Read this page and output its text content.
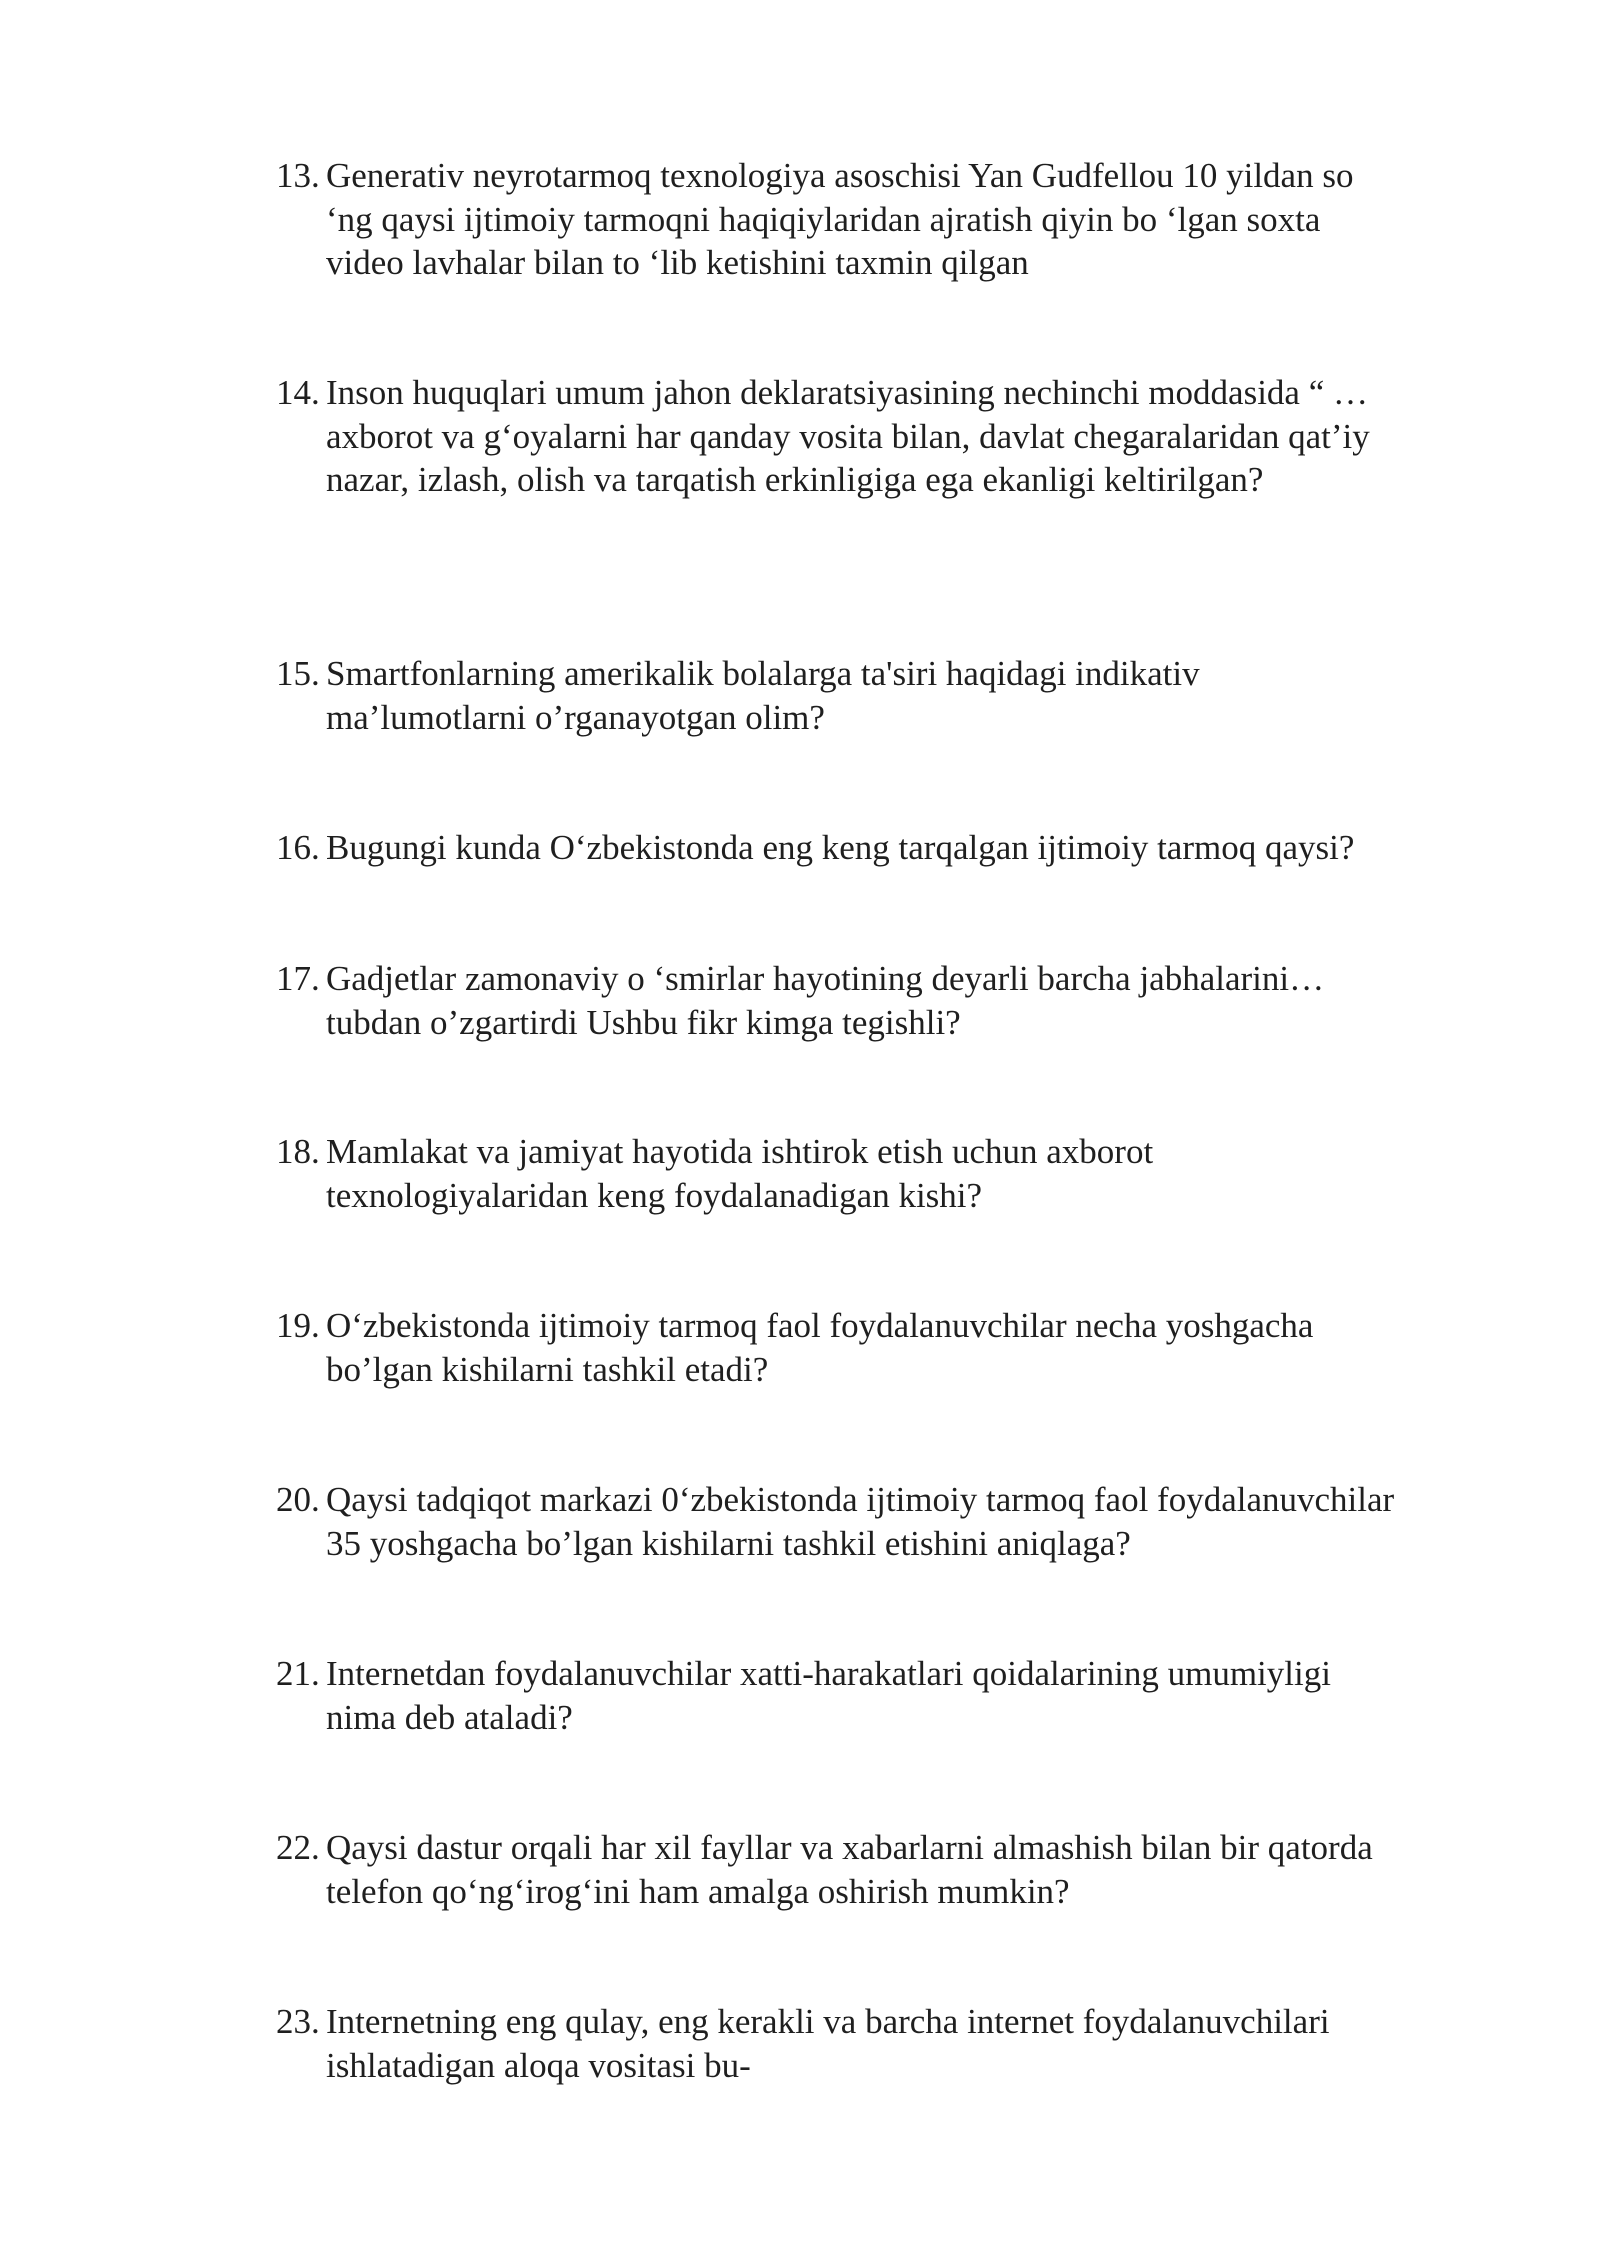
13. Generativ neyrotarmoq texnologiya asoschisi Yan Gudfellou 10 yildan so
‘ng qaysi ijtimoiy tarmoqni haqiqiylaridan ajratish qiyin bo ‘lgan soxta
video lavhalar bilan to ‘lib ketishini taxmin qilgan
14. Inson huquqlari umum jahon deklaratsiyasining nechinchi moddasida “ …
axborot va g‘oyalarni har qanday vosita bilan, davlat chegaralaridan qat’iy
nazar, izlash, olish va tarqatish erkinligiga ega ekanligi keltirilgan?
15. Smartfonlarning amerikalik bolalarga ta'siri haqidagi indikativ
ma’lumotlarni o’rganayotgan olim?
16. Bugungi kunda O‘zbekistonda eng keng tarqalgan ijtimoiy tarmoq qaysi?
17. Gadjetlar zamonaviy o ‘smirlar hayotining deyarli barcha jabhalarini…
tubdan o’zgartirdi Ushbu fikr kimga tegishli?
18. Mamlakat va jamiyat hayotida ishtirok etish uchun axborot
texnologiyalaridan keng foydalanadigan kishi?
19. O‘zbekistonda ijtimoiy tarmoq faol foydalanuvchilar necha yoshgacha
bo’lgan kishilarni tashkil etadi?
20. Qaysi tadqiqot markazi 0‘zbekistonda ijtimoiy tarmoq faol foydalanuvchilar
35 yoshgacha bo’lgan kishilarni tashkil etishini aniqlaga?
21. Internetdan foydalanuvchilar xatti-harakatlari qoidalarining umumiyligi
nima deb ataladi?
22. Qaysi dastur orqali har xil fayllar va xabarlarni almashish bilan bir qatorda
telefon qo‘ng‘irog‘ini ham amalga oshirish mumkin?
23. Internetning eng qulay, eng kerakli va barcha internet foydalanuvchilari
ishlatadigan aloqa vositasi bu-
